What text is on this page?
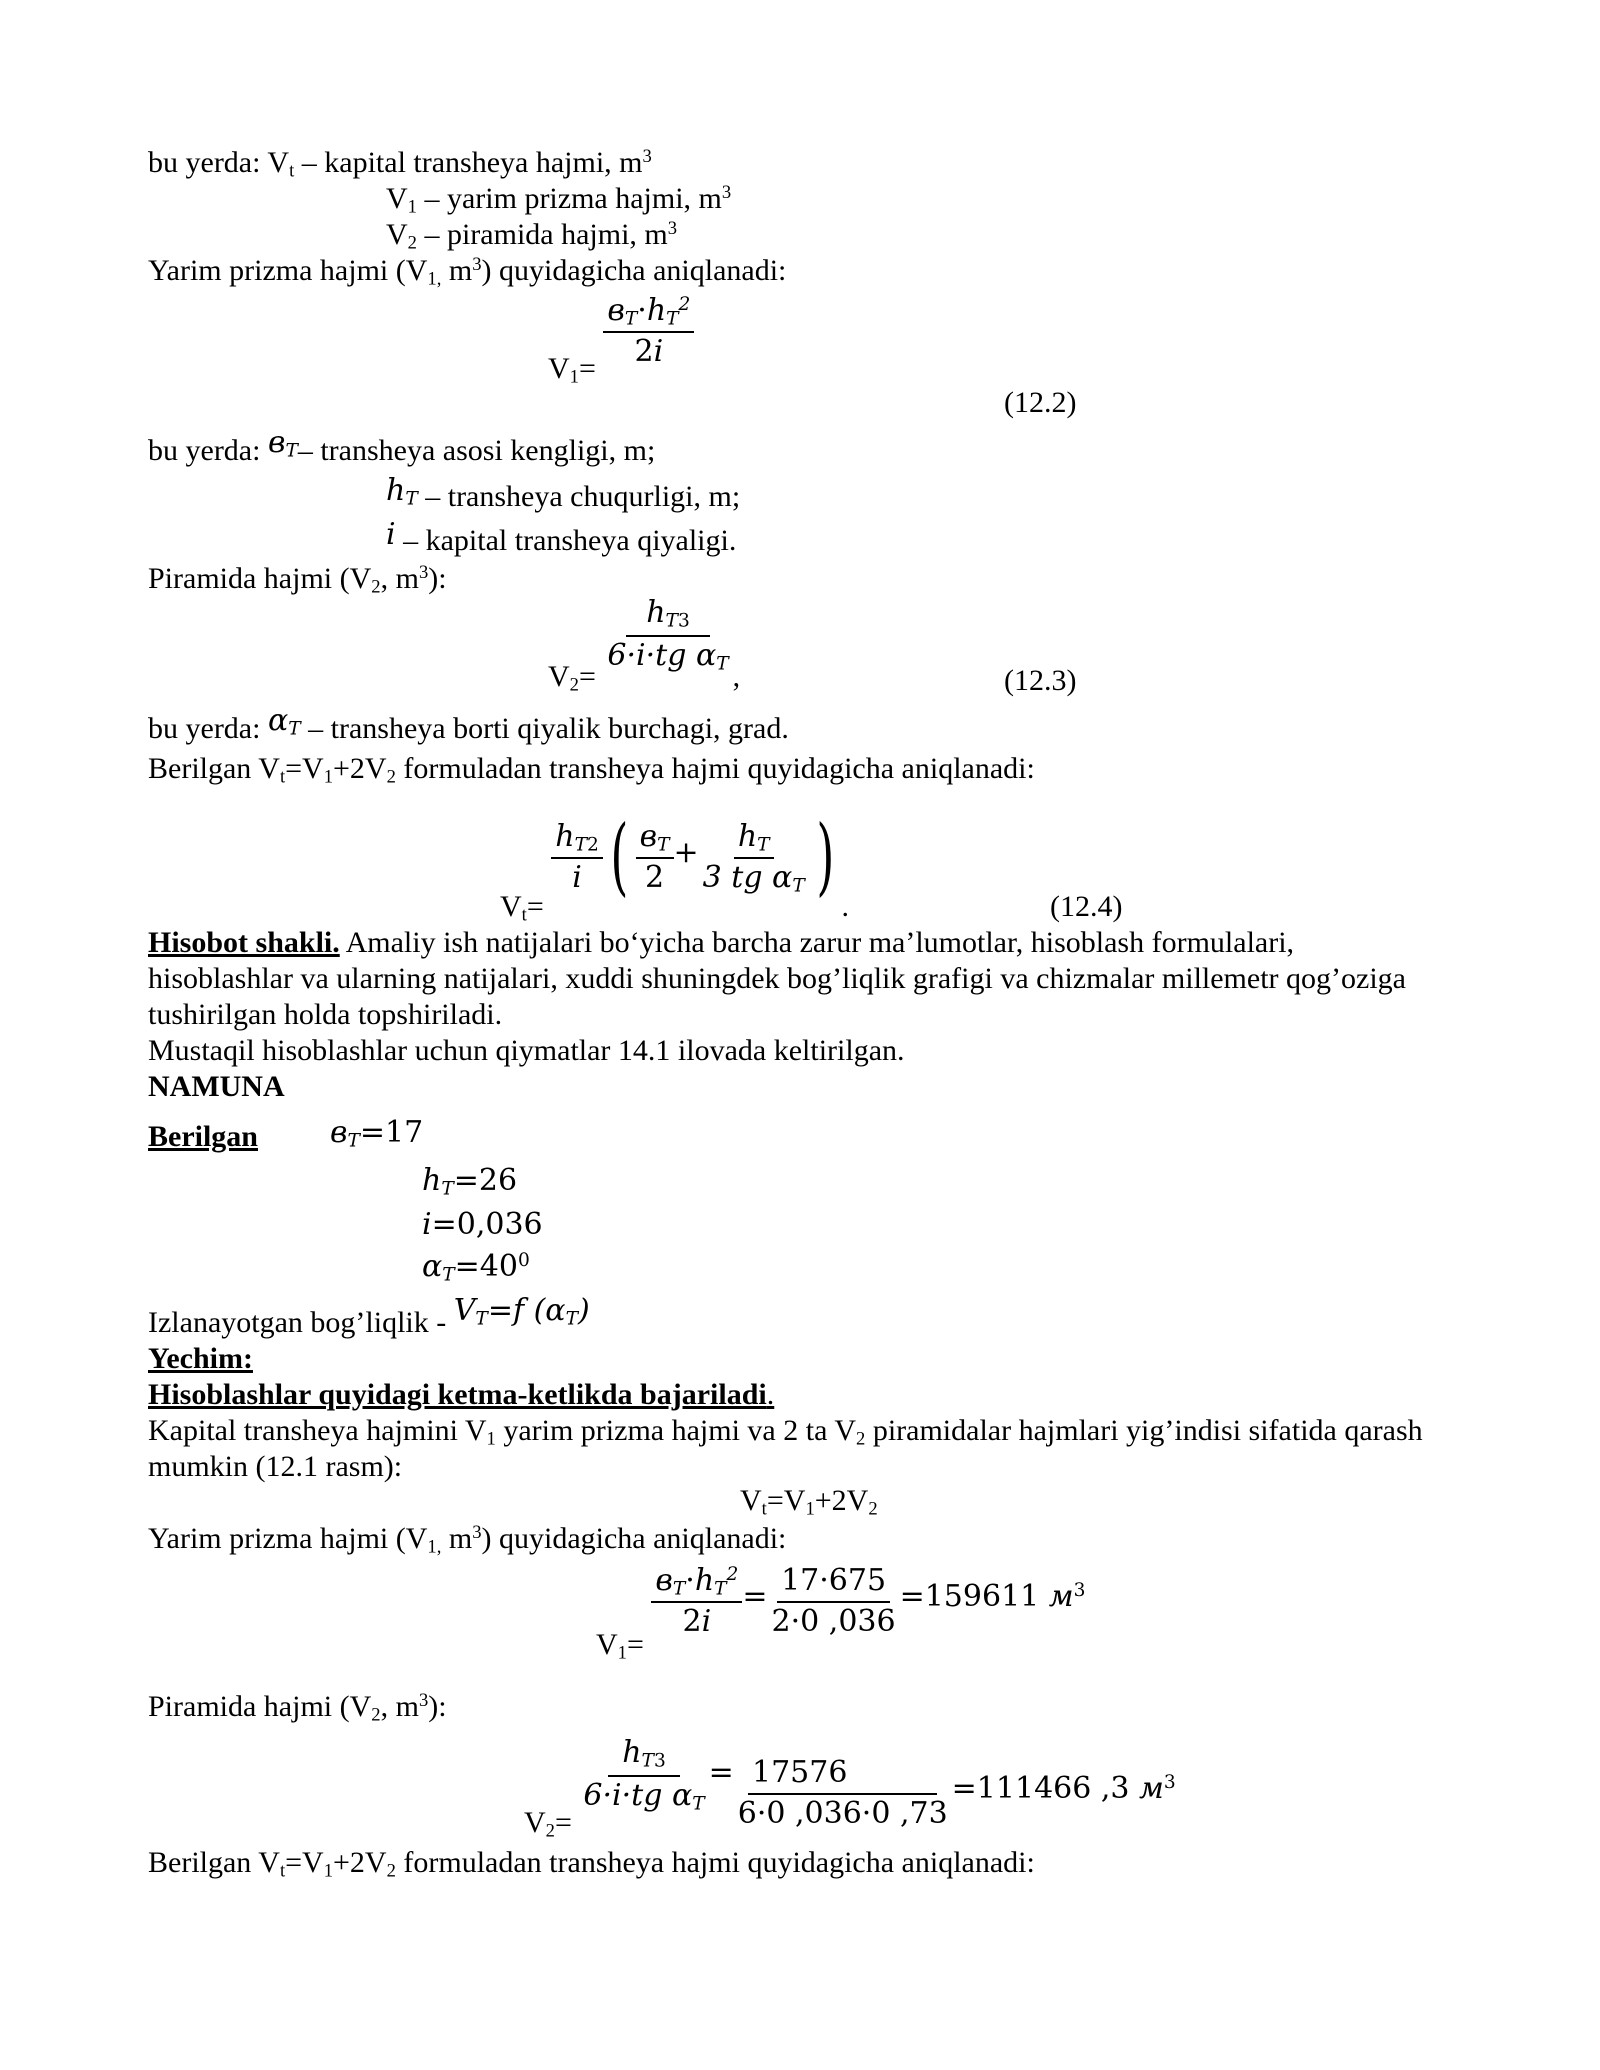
bu yerda: $V_t$ – kapital transheya hajmi, $m^3$
$V_1$ – yarim prizma hajmi, $m^3$
$V_2$ – piramida hajmi, $m^3$
Yarim prizma hajmi ($V_{1,}$ $m^3$) quyidagicha aniqlanadi:
$V_1= \frac{в_T\cdot h_T^2}{2i}$
(12.2)
bu yerda: $в_T-$ transheya asosi kengligi, m;
$h_T$ – transheya chuqurligi, m;
i – kapital transheya qiyaligi.
Piramida hajmi ($V_2$, $m^3$):
$V_2=$
$\frac{h_{T3}}{6\cdot i\cdot tg \alpha_T}$
,	(12.3)
bu yerda: $\alpha_T$ – transheya borti qiyalik burchagi, grad.
Berilgan $V_t=V_1+2V_2$ formuladan transheya hajmi quyidagicha aniqlanadi:
$V_t=$
$\frac{h_{T2}}{i}$ ( $\frac{в_T}{2} + \frac{h_T}{3 tg \alpha_T}$ ).	(12.4)
Hisobot shakli. Amaliy ish natijalari bo‘yicha barcha zarur ma’lumotlar, hisoblash formulalari,
hisoblashlar va ularning natijalari, xuddi shuningdek bog’liqlik grafigi va chizmalar millemetr qog’oziga
tushirilgan holda topshiriladi.
Mustaqil hisoblashlar uchun qiymatlar 14.1 ilovada keltirilgan.
NAMUNA
Berilgan $в_T=17$
$h_T=26$
i=0,036
$\alpha_T=40^0$
Izlanayotgan bog’liqlik - $V_T=f$ $(\alpha_T)$
Yechim:
Hisoblashlar quyidagi ketma-ketlikda bajariladi.
Kapital transheya hajmini $V_1$ yarim prizma hajmi va 2 ta $V_2$ piramidalar hajmlari yig’indisi sifatida qarash
mumkin (12.1 rasm):
$V_t=V_1+2V_2$
Yarim prizma hajmi ($V_{1,}$ $m^3$) quyidagicha aniqlanadi:
$V_1=$
$\frac{в_T\cdot h_T^2}{2i} = \frac{17\cdot 675}{2\cdot 0 ,036} =159611$ $м^3$
Piramida hajmi ($V_2$, $m^3$):
$V_2=$
$\frac{h_{T3}}{6\cdot i\cdot tg \alpha_T} = \frac{17576}{6\cdot 0 ,036\cdot 0 ,73} =111466$ ,3 $м^3$
Berilgan $V_t=V_1+2V_2$ formuladan transheya hajmi quyidagicha aniqlanadi:
